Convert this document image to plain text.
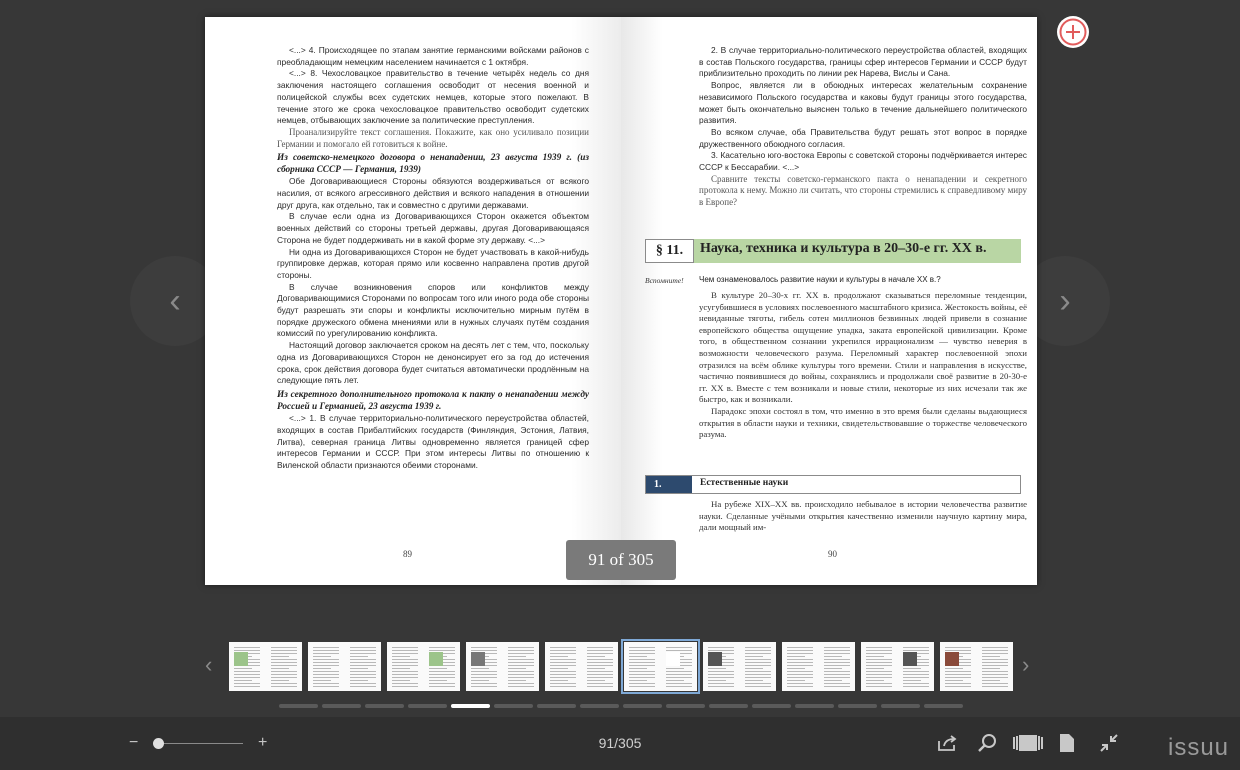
‹	›

<...> 4. Происходящее по этапам занятие германскими войсками районов с преобладающим немецким населением начинается с 1 октября.

<...> 8. Чехословацкое правительство в течение четырёх недель со дня заключения настоящего соглашения освободит от несения военной и полицейской службы всех судетских немцев, которые этого пожелают. В течение этого же срока чехословацкое правительство освободит судетских немцев, отбывающих заключение за политические преступления.

Проанализируйте текст соглашения. Покажите, как оно усиливало позиции Германии и помогало ей готовиться к войне.

Из советско-немецкого договора о ненападении, 23 августа 1939 г. (из сборника СССР — Германия, 1939)

Обе Договаривающиеся Стороны обязуются воздерживаться от всякого насилия, от всякого агрессивного действия и всякого нападения в отношении друг друга, как отдельно, так и совместно с другими державами.

В случае если одна из Договаривающихся Сторон окажется объектом военных действий со стороны третьей державы, другая Договаривающаяся Сторона не будет поддерживать ни в какой форме эту державу. <...>

Ни одна из Договаривающихся Сторон не будет участвовать в какой-нибудь группировке держав, которая прямо или косвенно направлена против другой стороны.

В случае возникновения споров или конфликтов между Договаривающимися Сторонами по вопросам того или иного рода обе стороны будут разрешать эти споры и конфликты исключительно мирным путём в порядке дружеского обмена мнениями или в нужных случаях путём создания комиссий по урегулированию конфликта.

Настоящий договор заключается сроком на десять лет с тем, что, поскольку одна из Договаривающихся Сторон не денонсирует его за год до истечения срока, срок действия договора будет считаться автоматически продлённым на следующие пять лет.

Из секретного дополнительного протокола к пакту о ненападении между Россией и Германией, 23 августа 1939 г.

<...> 1. В случае территориально-политического переустройства областей, входящих в состав Прибалтийских государств (Финляндия, Эстония, Латвия, Литва), северная граница Литвы одновременно является границей сфер интересов Германии и СССР. При этом интересы Литвы по отношению к Виленской области признаются обеими сторонами.

89

2. В случае территориально-политического переустройства областей, входящих в состав Польского государства, границы сфер интересов Германии и СССР будут приблизительно проходить по линии рек Нарева, Вислы и Сана.

Вопрос, является ли в обоюдных интересах желательным сохранение независимого Польского государства и каковы будут границы этого государства, может быть окончательно выяснен только в течение дальнейшего политического развития.

Во всяком случае, оба Правительства будут решать этот вопрос в порядке дружественного обоюдного согласия.

3. Касательно юго-востока Европы с советской стороны подчёркивается интерес СССР к Бессарабии. <...>

Сравните тексты советско-германского пакта о ненападении и секретного протокола к нему. Можно ли считать, что стороны стремились к справедливому миру в Европе?

§ 11.	Наука, техника и культура в 20–30-е гг. XX в.
Вспомните! Чем ознаменовалось развитие науки и культуры в начале XX в.?

В культуре 20–30-х гг. XX в. продолжают сказываться переломные тенденции, усугубившиеся в условиях послевоенного масштабного кризиса. Жестокость войны, её невиданные тяготы, гибель сотен миллионов безвинных людей привели в сознание европейского общества ощущение упадка, заката европейской цивилизации. Кроме того, в общественном сознании укрепился иррационализм — чувство неверия в возможности человеческого разума. Переломный характер послевоенной эпохи отразился на всём облике культуры того времени. Стили и направления в искусстве, частично появившиеся до войны, сохранялись и продолжали своё развитие в 20-30-е гг. XX в. Вместе с тем возникали и новые стили, некоторые из них исчезали так же быстро, как и возникали.

Парадокс эпохи состоял в том, что именно в это время были сделаны выдающиеся открытия в области науки и техники, свидетельствовавшие о торжестве человеческого разума.

1.	Естественные науки

На рубеже XIX–XX вв. происходило небывалое в истории человечества развитие науки. Сделанные учёными открытия качественно изменили научную картину мира, дали мощный им-

90
91 of 305
‹	›
−	+	91/305	issuu
